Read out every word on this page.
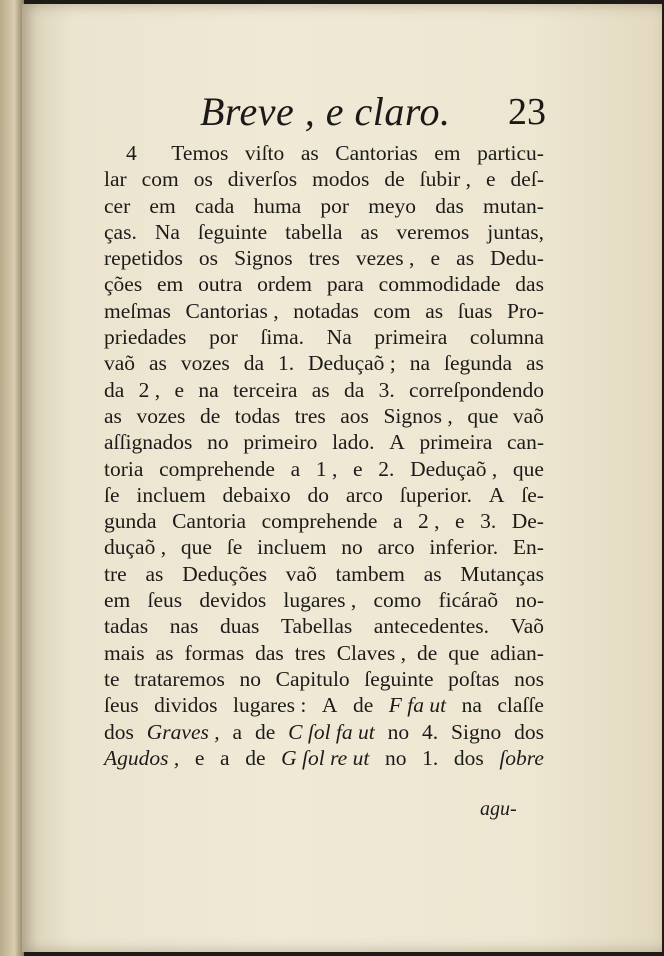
Breve , e claro. 23
4 Temos viſto as Cantorias em particu-
lar com os diverſos modos de ſubir , e deſ-
cer em cada huma por meyo das mutan-
ças. Na ſeguinte tabella as veremos juntas,
repetidos os Signos tres vezes , e as Dedu-
ções em outra ordem para commodidade das
meſmas Cantorias , notadas com as ſuas Pro-
priedades por ſima. Na primeira columna
vaõ as vozes da 1. Deduçaõ ; na ſegunda as
da 2 , e na terceira as da 3. correſpondendo
as vozes de todas tres aos Signos , que vaõ
aſſignados no primeiro lado. A primeira can-
toria comprehende a 1 , e 2. Deduçaõ , que
ſe incluem debaixo do arco ſuperior. A ſe-
gunda Cantoria comprehende a 2 , e 3. De-
duçaõ , que ſe incluem no arco inferior. En-
tre as Deduções vaõ tambem as Mutanças
em ſeus devidos lugares , como ficáraõ no-
tadas nas duas Tabellas antecedentes. Vaõ
mais as formas das tres Claves , de que adian-
te trataremos no Capitulo ſeguinte poſtas nos
ſeus dividos lugares : A de F fa ut na claſſe
dos Graves , a de C ſol fa ut no 4. Signo dos
Agudos , e a de G ſol re ut no 1. dos ſobre
agu-
